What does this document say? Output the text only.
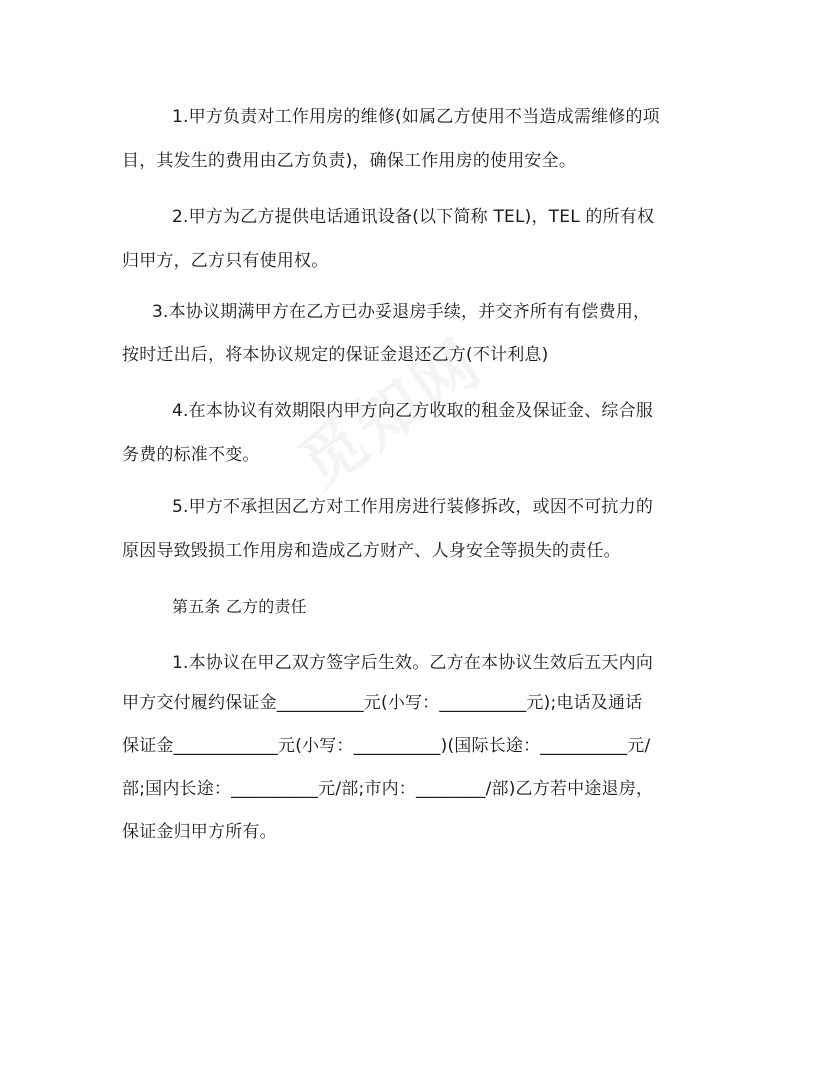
1.甲方负责对工作用房的维修(如属乙方使用不当造成需维修的项
目，其发生的费用由乙方负责)，确保工作用房的使用安全。
2.甲方为乙方提供电话通讯设备(以下简称 TEL)，TEL 的所有权
归甲方，乙方只有使用权。
3.本协议期满甲方在乙方已办妥退房手续，并交齐所有有偿费用，
按时迁出后，将本协议规定的保证金退还乙方(不计利息)
4.在本协议有效期限内甲方向乙方收取的租金及保证金、综合服
务费的标准不变。
5.甲方不承担因乙方对工作用房进行装修拆改，或因不可抗力的
原因导致毁损工作用房和造成乙方财产、人身安全等损失的责任。
第五条 乙方的责任
1.本协议在甲乙双方签字后生效。乙方在本协议生效后五天内向
甲方交付履约保证金__________元(小写：__________元);电话及通话
保证金____________元(小写：__________)(国际长途：__________元/
部;国内长途：__________元/部;市内：________/部)乙方若中途退房，
保证金归甲方所有。
